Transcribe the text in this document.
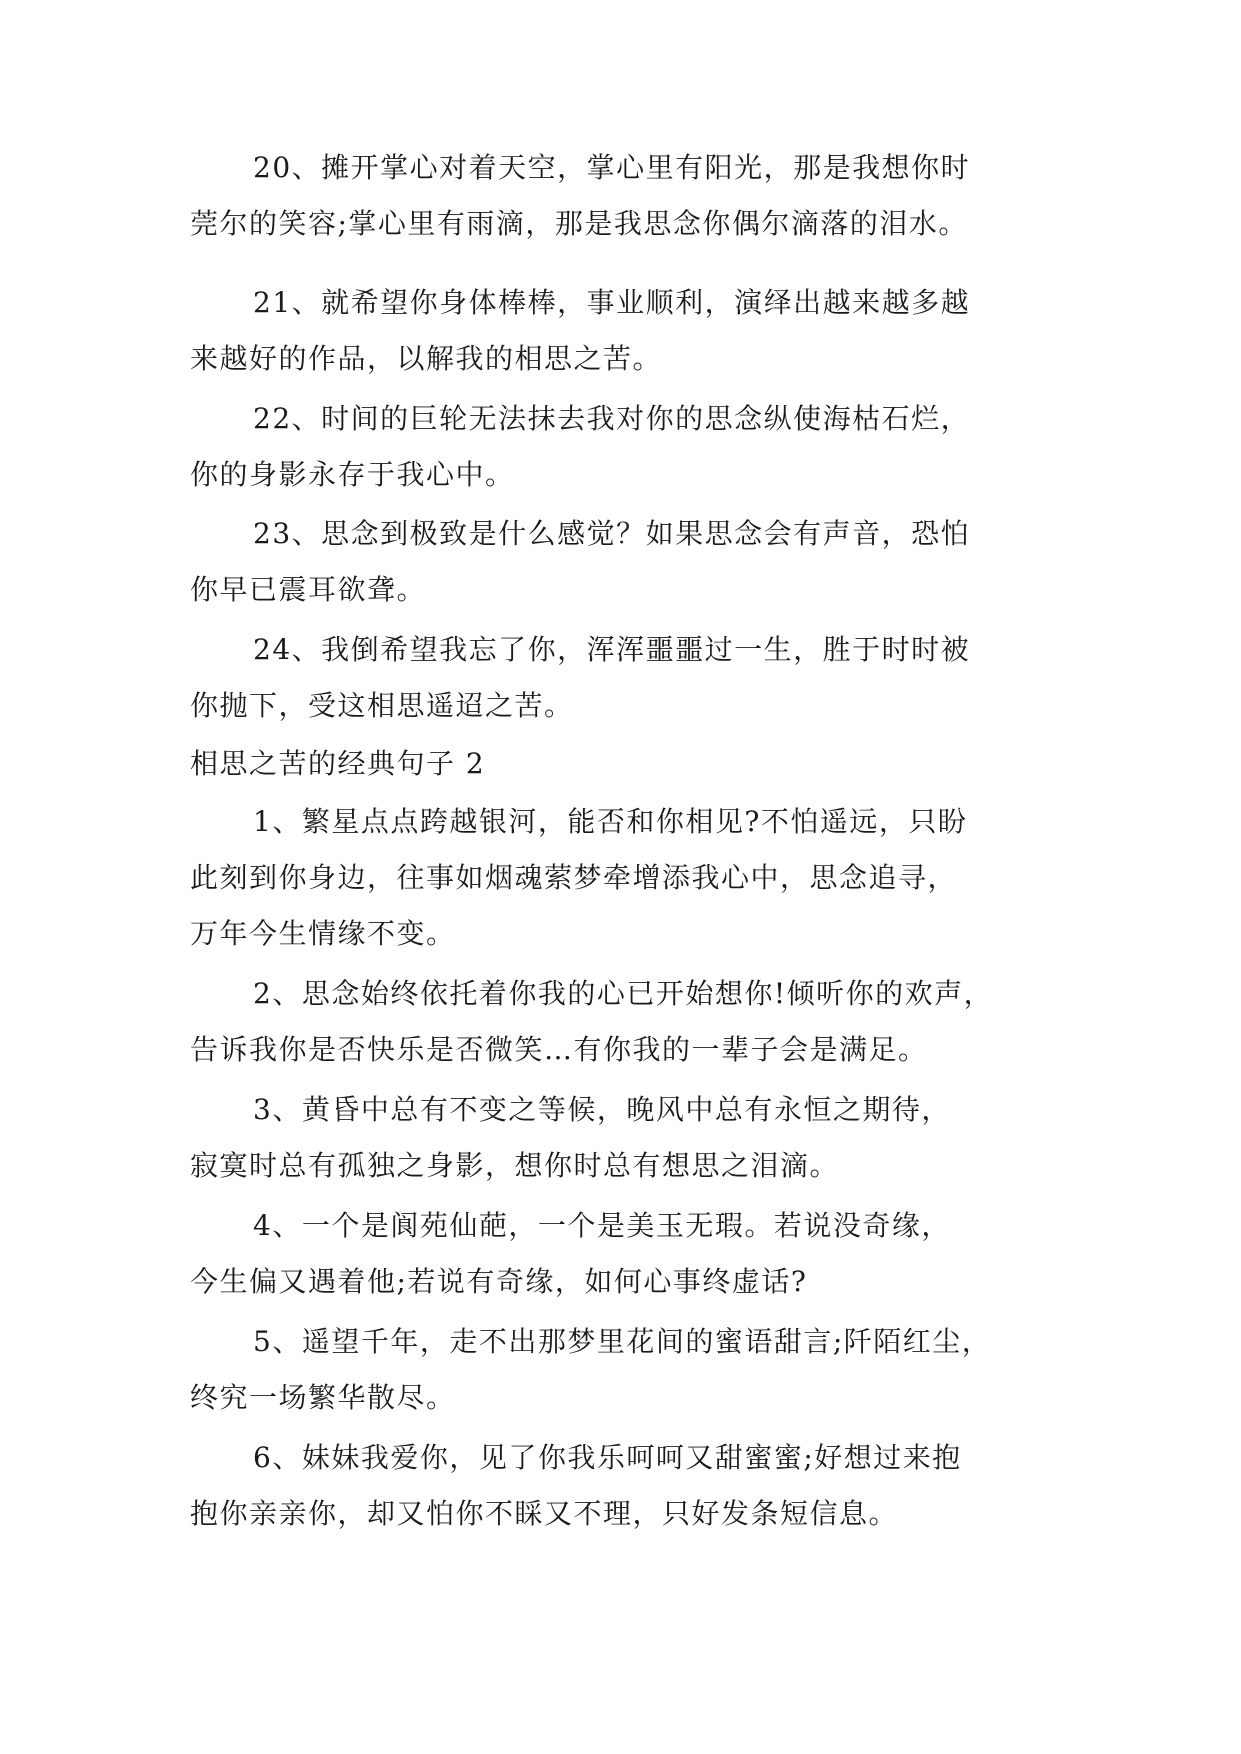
20、摊开掌心对着天空，掌心里有阳光，那是我想你时
莞尔的笑容;掌心里有雨滴，那是我思念你偶尔滴落的泪水。
21、就希望你身体棒棒，事业顺利，演绎出越来越多越
来越好的作品，以解我的相思之苦。
22、时间的巨轮无法抹去我对你的思念纵使海枯石烂，
你的身影永存于我心中。
23、思念到极致是什么感觉？如果思念会有声音，恐怕
你早已震耳欲聋。
24、我倒希望我忘了你，浑浑噩噩过一生，胜于时时被
你抛下，受这相思遥迢之苦。
相思之苦的经典句子 2
1、繁星点点跨越银河，能否和你相见?不怕遥远，只盼
此刻到你身边，往事如烟魂萦梦牵增添我心中，思念追寻，
万年今生情缘不变。
2、思念始终依托着你我的心已开始想你!倾听你的欢声，
告诉我你是否快乐是否微笑…有你我的一辈子会是满足。
3、黄昏中总有不变之等候，晚风中总有永恒之期待，
寂寞时总有孤独之身影，想你时总有想思之泪滴。
4、一个是阆苑仙葩，一个是美玉无瑕。若说没奇缘，
今生偏又遇着他;若说有奇缘，如何心事终虚话?
5、遥望千年，走不出那梦里花间的蜜语甜言;阡陌红尘，
终究一场繁华散尽。
6、妹妹我爱你，见了你我乐呵呵又甜蜜蜜;好想过来抱
抱你亲亲你，却又怕你不睬又不理，只好发条短信息。
